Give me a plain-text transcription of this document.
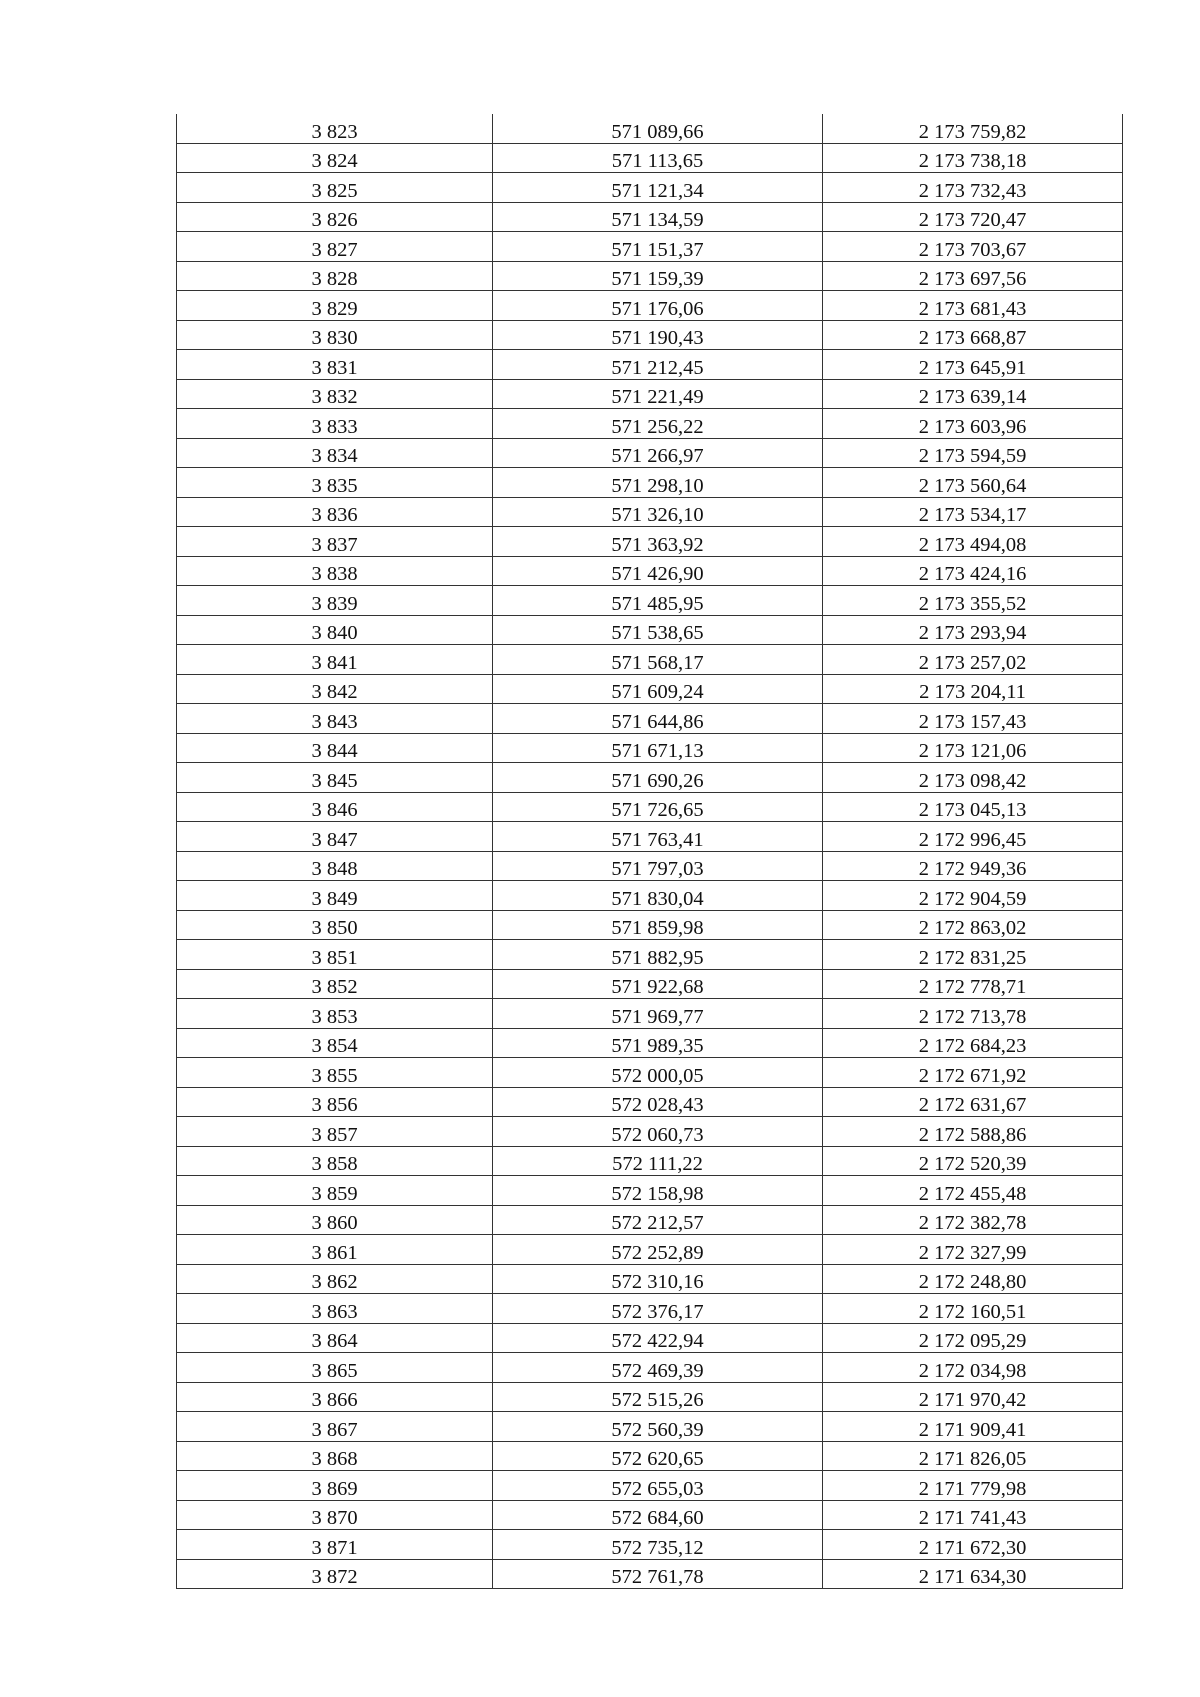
3 823	571 089,66	2 173 759,82
3 824	571 113,65	2 173 738,18
3 825	571 121,34	2 173 732,43
3 826	571 134,59	2 173 720,47
3 827	571 151,37	2 173 703,67
3 828	571 159,39	2 173 697,56
3 829	571 176,06	2 173 681,43
3 830	571 190,43	2 173 668,87
3 831	571 212,45	2 173 645,91
3 832	571 221,49	2 173 639,14
3 833	571 256,22	2 173 603,96
3 834	571 266,97	2 173 594,59
3 835	571 298,10	2 173 560,64
3 836	571 326,10	2 173 534,17
3 837	571 363,92	2 173 494,08
3 838	571 426,90	2 173 424,16
3 839	571 485,95	2 173 355,52
3 840	571 538,65	2 173 293,94
3 841	571 568,17	2 173 257,02
3 842	571 609,24	2 173 204,11
3 843	571 644,86	2 173 157,43
3 844	571 671,13	2 173 121,06
3 845	571 690,26	2 173 098,42
3 846	571 726,65	2 173 045,13
3 847	571 763,41	2 172 996,45
3 848	571 797,03	2 172 949,36
3 849	571 830,04	2 172 904,59
3 850	571 859,98	2 172 863,02
3 851	571 882,95	2 172 831,25
3 852	571 922,68	2 172 778,71
3 853	571 969,77	2 172 713,78
3 854	571 989,35	2 172 684,23
3 855	572 000,05	2 172 671,92
3 856	572 028,43	2 172 631,67
3 857	572 060,73	2 172 588,86
3 858	572 111,22	2 172 520,39
3 859	572 158,98	2 172 455,48
3 860	572 212,57	2 172 382,78
3 861	572 252,89	2 172 327,99
3 862	572 310,16	2 172 248,80
3 863	572 376,17	2 172 160,51
3 864	572 422,94	2 172 095,29
3 865	572 469,39	2 172 034,98
3 866	572 515,26	2 171 970,42
3 867	572 560,39	2 171 909,41
3 868	572 620,65	2 171 826,05
3 869	572 655,03	2 171 779,98
3 870	572 684,60	2 171 741,43
3 871	572 735,12	2 171 672,30
3 872	572 761,78	2 171 634,30
